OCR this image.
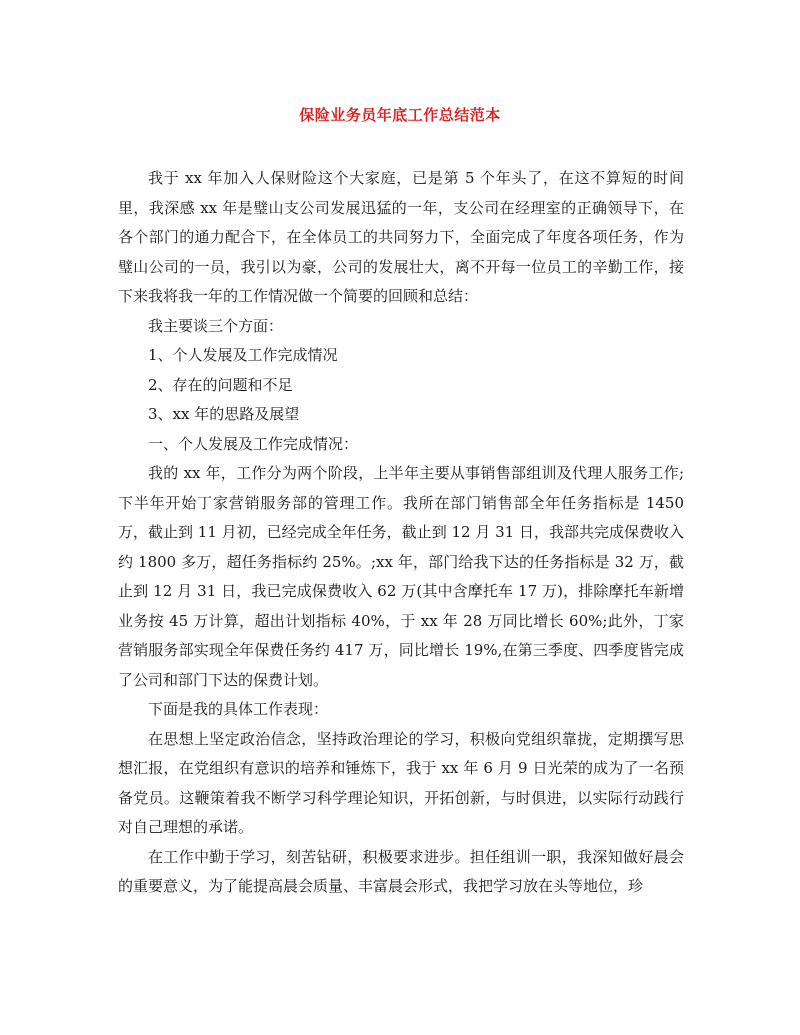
保险业务员年底工作总结范本

我于 xx 年加入人保财险这个大家庭，已是第 5 个年头了，在这不算短的时间里，我深感 xx 年是璧山支公司发展迅猛的一年，支公司在经理室的正确领导下，在各个部门的通力配合下，在全体员工的共同努力下，全面完成了年度各项任务，作为璧山公司的一员，我引以为豪，公司的发展壮大，离不开每一位员工的辛勤工作，接下来我将我一年的工作情况做一个简要的回顾和总结：

我主要谈三个方面：

1、个人发展及工作完成情况

2、存在的问题和不足

3、xx 年的思路及展望

一、个人发展及工作完成情况：

我的 xx 年，工作分为两个阶段，上半年主要从事销售部组训及代理人服务工作;下半年开始丁家营销服务部的管理工作。我所在部门销售部全年任务指标是 1450 万，截止到 11 月初，已经完成全年任务，截止到 12 月 31 日，我部共完成保费收入约 1800 多万，超任务指标约 25%。;xx 年，部门给我下达的任务指标是 32 万，截止到 12 月 31 日，我已完成保费收入 62 万(其中含摩托车 17 万)，排除摩托车新增业务按 45 万计算，超出计划指标 40%，于 xx 年 28 万同比增长 60%;此外，丁家营销服务部实现全年保费任务约 417 万，同比增长 19%,在第三季度、四季度皆完成了公司和部门下达的保费计划。

下面是我的具体工作表现：

在思想上坚定政治信念，坚持政治理论的学习，积极向党组织靠拢，定期撰写思想汇报，在党组织有意识的培养和锤炼下，我于 xx 年 6 月 9 日光荣的成为了一名预备党员。这鞭策着我不断学习科学理论知识，开拓创新，与时俱进，以实际行动践行对自己理想的承诺。

在工作中勤于学习，刻苦钻研，积极要求进步。担任组训一职，我深知做好晨会的重要意义，为了能提高晨会质量、丰富晨会形式，我把学习放在头等地位，珍
